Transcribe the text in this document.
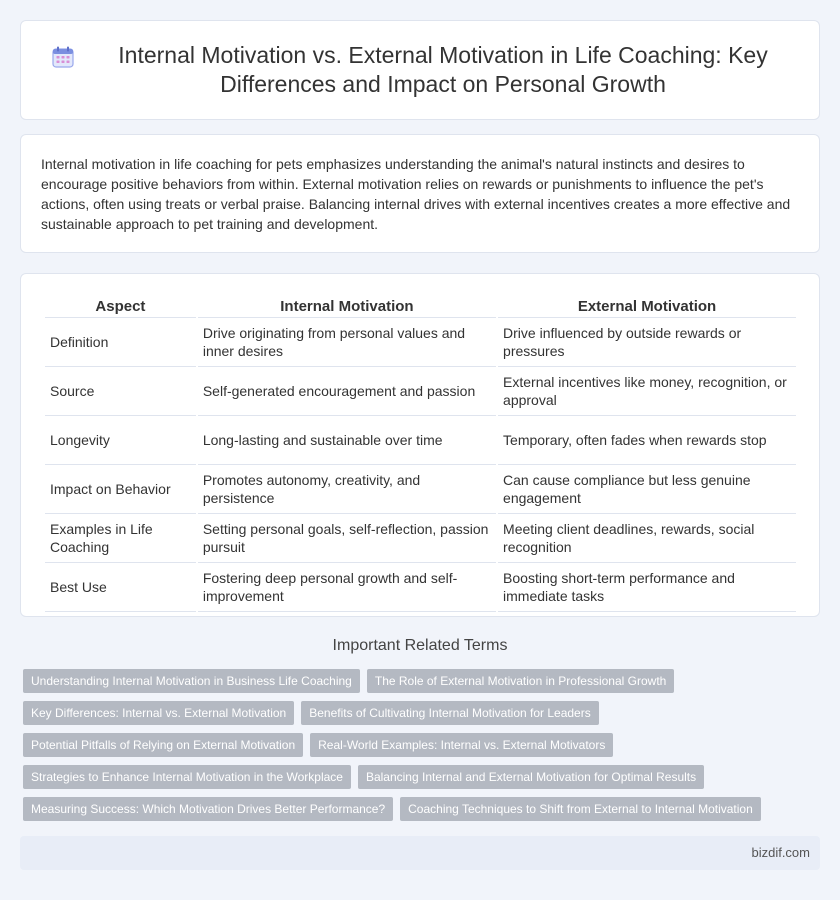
Internal Motivation vs. External Motivation in Life Coaching: Key Differences and Impact on Personal Growth

Internal motivation in life coaching for pets emphasizes understanding the animal's natural instincts and desires to encourage positive behaviors from within. External motivation relies on rewards or punishments to influence the pet's actions, often using treats or verbal praise. Balancing internal drives with external incentives creates a more effective and sustainable approach to pet training and development.

Aspect	Internal Motivation	External Motivation
Definition	Drive originating from personal values and inner desires	Drive influenced by outside rewards or pressures
Source	Self-generated encouragement and passion	External incentives like money, recognition, or approval
Longevity	Long-lasting and sustainable over time	Temporary, often fades when rewards stop
Impact on Behavior	Promotes autonomy, creativity, and persistence	Can cause compliance but less genuine engagement
Examples in Life Coaching	Setting personal goals, self-reflection, passion pursuit	Meeting client deadlines, rewards, social recognition
Best Use	Fostering deep personal growth and self-improvement	Boosting short-term performance and immediate tasks
Important Related Terms
Understanding Internal Motivation in Business Life Coaching	The Role of External Motivation in Professional Growth
Key Differences: Internal vs. External Motivation	Benefits of Cultivating Internal Motivation for Leaders
Potential Pitfalls of Relying on External Motivation	Real-World Examples: Internal vs. External Motivators
Strategies to Enhance Internal Motivation in the Workplace	Balancing Internal and External Motivation for Optimal Results
Measuring Success: Which Motivation Drives Better Performance?	Coaching Techniques to Shift from External to Internal Motivation
bizdif.com
